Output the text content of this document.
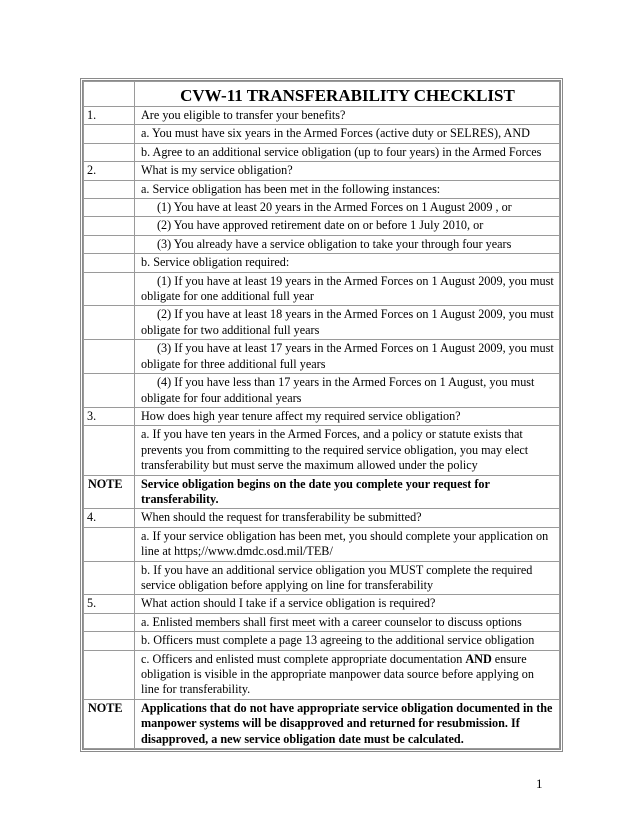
	CVW-11 TRANSFERABILITY CHECKLIST
1.	Are you eligible to transfer your benefits?
	a. You must have six years in the Armed Forces (active duty or SELRES), AND
	b. Agree to an additional service obligation (up to four years) in the Armed Forces
2.	What is my service obligation?
	a. Service obligation has been met in the following instances:

	(1) You have at least 20 years in the Armed Forces on 1 August 2009 , or

	(2) You have approved retirement date on or before 1 July 2010, or

	(3) You already have a service obligation to take your through four years

	b. Service obligation required:

	(1) If you have at least 19 years in the Armed Forces on 1 August 2009, you must obligate for one additional full year

	(2) If you have at least 18 years in the Armed Forces on 1 August 2009, you must obligate for two additional full years

	(3) If you have at least 17 years in the Armed Forces on 1 August 2009, you must obligate for three additional full years

	(4) If you have less than 17 years in the Armed Forces on 1 August, you must obligate for four additional years

3.	How does high year tenure affect my required service obligation?
	a. If you have ten years in the Armed Forces, and a policy or statute exists that prevents you from committing to the required service obligation, you may elect transferability but must serve the maximum allowed under the policy
NOTE	Service obligation begins on the date you complete your request for transferability.
4.	When should the request for transferability be submitted?
	a. If your service obligation has been met, you should complete your application on line at https;//www.dmdc.osd.mil/TEB/
	b. If you have an additional service obligation you MUST complete the required service obligation before applying on line for transferability
5.	What action should I take if a service obligation is required?
	a. Enlisted members shall first meet with a career counselor to discuss options
	b. Officers must complete a page 13 agreeing to the additional service obligation
	c. Officers and enlisted must complete appropriate documentation AND ensure obligation is visible in the appropriate manpower data source before applying on line for transferability.
NOTE	Applications that do not have appropriate service obligation documented in the manpower systems will be disapproved and returned for resubmission. If disapproved, a new service obligation date must be calculated.
1
